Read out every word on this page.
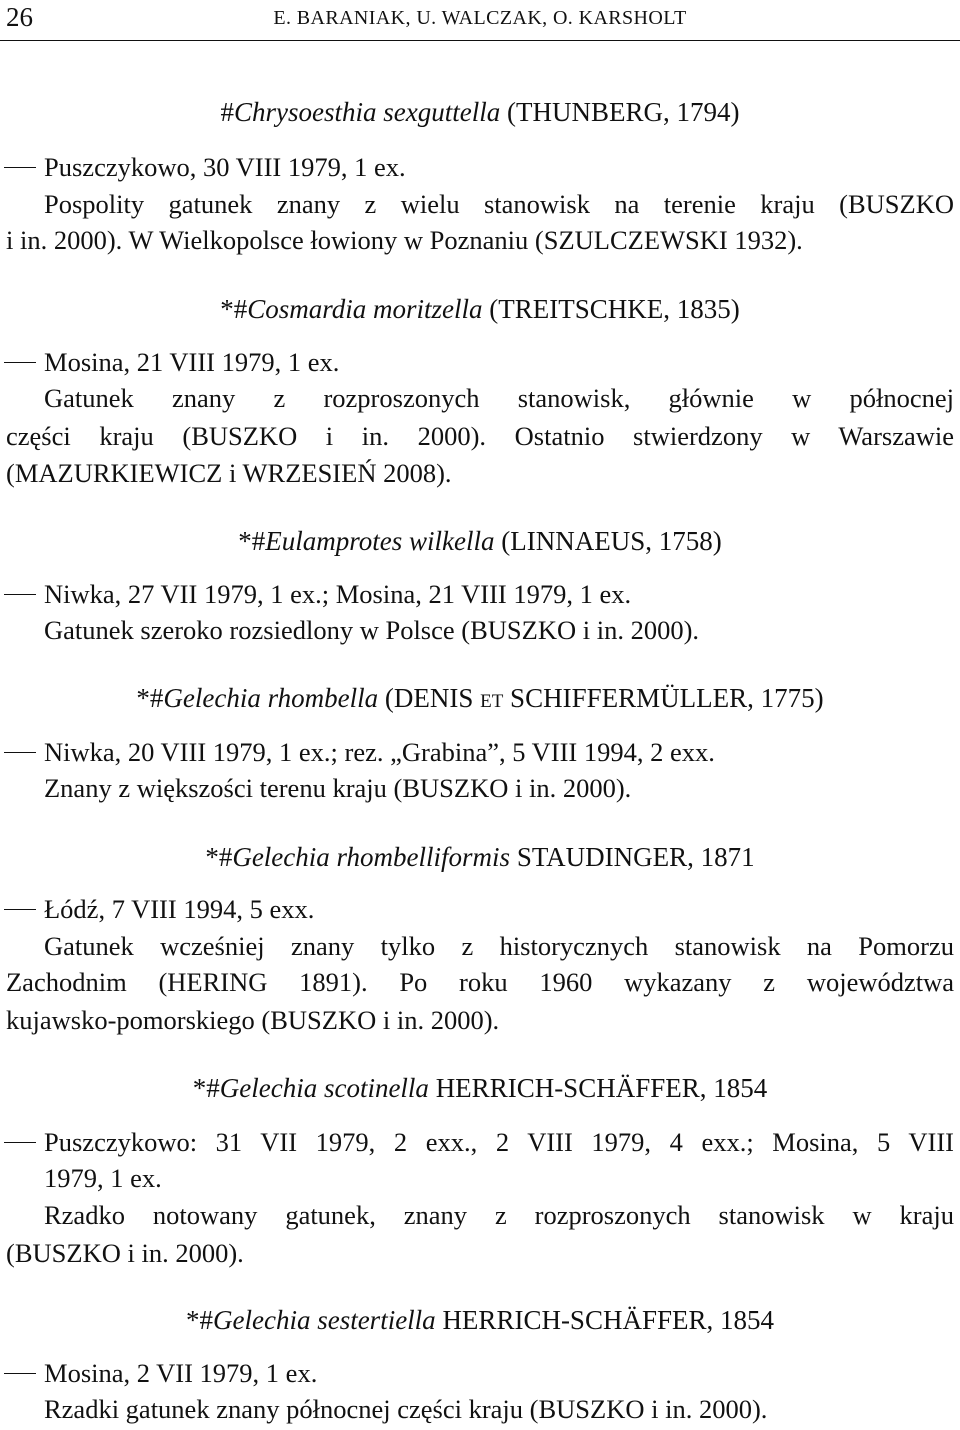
26	E. BARANIAK, U. WALCZAK, O. KARSHOLT
#Chrysoesthia sexguttella (THUNBERG, 1794)
Puszczykowo, 30 VIII 1979, 1 ex.
Pospolity gatunek znany z wielu stanowisk na terenie kraju (BUSZKO
i in. 2000). W Wielkopolsce łowiony w Poznaniu (SZULCZEWSKI 1932).
*#Cosmardia moritzella (TREITSCHKE, 1835)
Mosina, 21 VIII 1979, 1 ex.
Gatunek znany z rozproszonych stanowisk, głównie w północnej
części kraju (BUSZKO i in. 2000). Ostatnio stwierdzony w Warszawie
(MAZURKIEWICZ i WRZESIEŃ 2008).
*#Eulamprotes wilkella (LINNAEUS, 1758)
Niwka, 27 VII 1979, 1 ex.; Mosina, 21 VIII 1979, 1 ex.
Gatunek szeroko rozsiedlony w Polsce (BUSZKO i in. 2000).
*#Gelechia rhombella (DENIS et SCHIFFERMÜLLER, 1775)
Niwka, 20 VIII 1979, 1 ex.; rez. „Grabina”, 5 VIII 1994, 2 exx.
Znany z większości terenu kraju (BUSZKO i in. 2000).
*#Gelechia rhombelliformis STAUDINGER, 1871
Łódź, 7 VIII 1994, 5 exx.
Gatunek wcześniej znany tylko z historycznych stanowisk na Pomorzu
Zachodnim (HERING 1891). Po roku 1960 wykazany z województwa
kujawsko-pomorskiego (BUSZKO i in. 2000).
*#Gelechia scotinella HERRICH-SCHÄFFER, 1854
Puszczykowo: 31 VII 1979, 2 exx., 2 VIII 1979, 4 exx.; Mosina, 5 VIII
1979, 1 ex.
Rzadko notowany gatunek, znany z rozproszonych stanowisk w kraju
(BUSZKO i in. 2000).
*#Gelechia sestertiella HERRICH-SCHÄFFER, 1854
Mosina, 2 VII 1979, 1 ex.
Rzadki gatunek znany północnej części kraju (BUSZKO i in. 2000).
